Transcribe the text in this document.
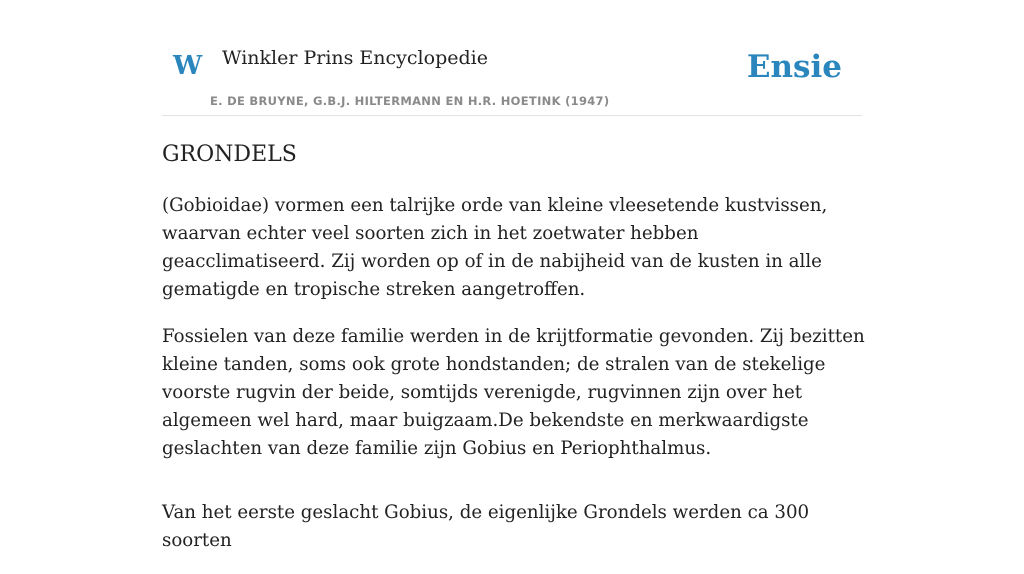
W Winkler Prins Encyclopedie
E. DE BRUYNE, G.B.J. HILTERMANN EN H.R. HOETINK (1947)
Ensie
GRONDELS

(Gobioidae) vormen een talrijke orde van kleine vleesetende kustvissen, waarvan echter veel soorten zich in het zoetwater hebben geacclimatiseerd. Zij worden op of in de nabijheid van de kusten in alle gematigde en tropische streken aangetroffen.

Fossielen van deze familie werden in de krijtformatie gevonden. Zij bezitten kleine tanden, soms ook grote hondstanden; de stralen van de stekelige voorste rugvin der beide, somtijds verenigde, rugvinnen zijn over het algemeen wel hard, maar buigzaam.De bekendste en merkwaardigste geslachten van deze familie zijn Gobius en Periophthalmus.

Van het eerste geslacht Gobius, de eigenlijke Grondels werden ca 300 soorten
